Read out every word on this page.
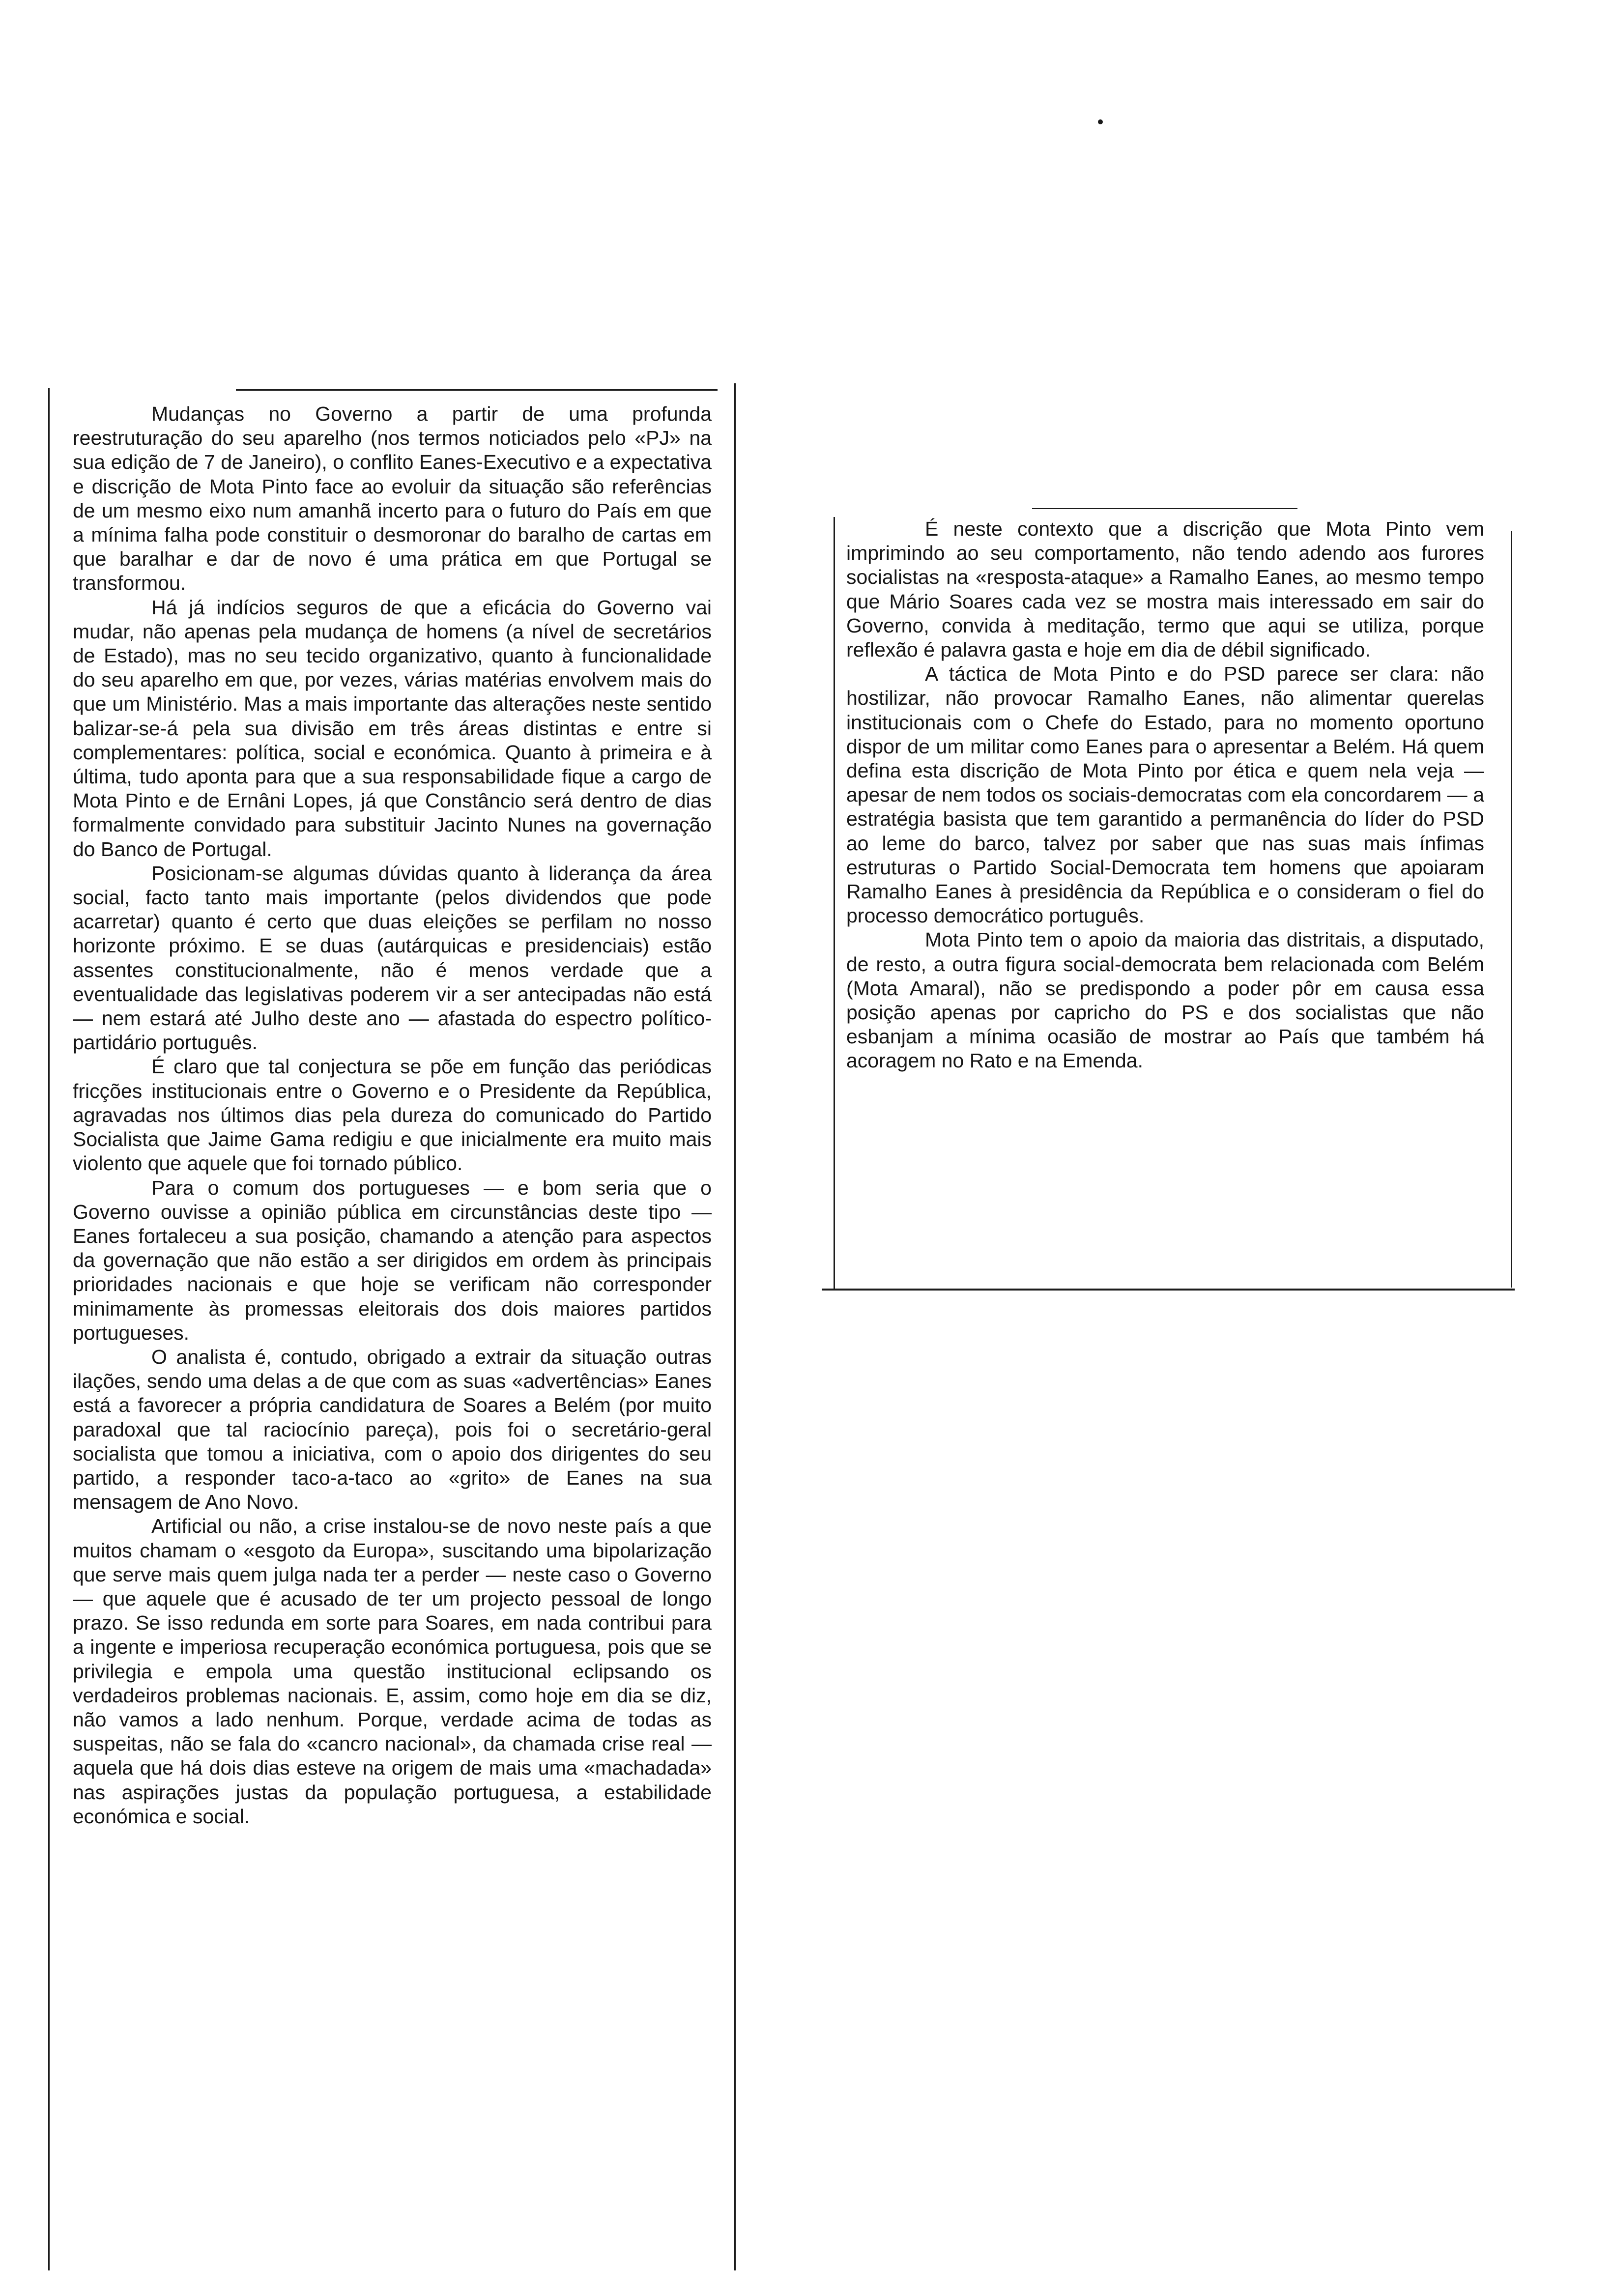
Mudanças no Governo a partir de uma profunda reestruturação do seu aparelho (nos termos noticiados pelo «PJ» na sua edição de 7 de Janeiro), o conflito Eanes-Executivo e a expectativa e discrição de Mota Pinto face ao evoluir da situação são referências de um mesmo eixo num amanhã incerto para o futuro do País em que a mínima falha pode constituir o desmoronar do baralho de cartas em que baralhar e dar de novo é uma prática em que Portugal se transformou.

Há já indícios seguros de que a eficácia do Governo vai mudar, não apenas pela mudança de homens (a nível de secretários de Estado), mas no seu tecido organizativo, quanto à funcionalidade do seu aparelho em que, por vezes, várias matérias envolvem mais do que um Ministério. Mas a mais importante das alterações neste sentido balizar-se-á pela sua divisão em três áreas distintas e entre si complementares: política, social e económica. Quanto à primeira e à última, tudo aponta para que a sua responsabilidade fique a cargo de Mota Pinto e de Ernâni Lopes, já que Constâncio será dentro de dias formalmente convidado para substituir Jacinto Nunes na governação do Banco de Portugal.

Posicionam-se algumas dúvidas quanto à liderança da área social, facto tanto mais importante (pelos dividendos que pode acarretar) quanto é certo que duas eleições se perfilam no nosso horizonte próximo. E se duas (autárquicas e presidenciais) estão assentes constitucionalmente, não é menos verdade que a eventualidade das legislativas poderem vir a ser antecipadas não está — nem estará até Julho deste ano — afastada do espectro político-partidário português.

É claro que tal conjectura se põe em função das periódicas fricções institucionais entre o Governo e o Presidente da República, agravadas nos últimos dias pela dureza do comunicado do Partido Socialista que Jaime Gama redigiu e que inicialmente era muito mais violento que aquele que foi tornado público.

Para o comum dos portugueses — e bom seria que o Governo ouvisse a opinião pública em circunstâncias deste tipo — Eanes fortaleceu a sua posição, chamando a atenção para aspectos da governação que não estão a ser dirigidos em ordem às principais prioridades nacionais e que hoje se verificam não corresponder minimamente às promessas eleitorais dos dois maiores partidos portugueses.

O analista é, contudo, obrigado a extrair da situação outras ilações, sendo uma delas a de que com as suas «advertências» Eanes está a favorecer a própria candidatura de Soares a Belém (por muito paradoxal que tal raciocínio pareça), pois foi o secretário-geral socialista que tomou a iniciativa, com o apoio dos dirigentes do seu partido, a responder taco-a-taco ao «grito» de Eanes na sua mensagem de Ano Novo.

Artificial ou não, a crise instalou-se de novo neste país a que muitos chamam o «esgoto da Europa», suscitando uma bipolarização que serve mais quem julga nada ter a perder — neste caso o Governo — que aquele que é acusado de ter um projecto pessoal de longo prazo. Se isso redunda em sorte para Soares, em nada contribui para a ingente e imperiosa recuperação económica portuguesa, pois que se privilegia e empola uma questão institucional eclipsando os verdadeiros problemas nacionais. E, assim, como hoje em dia se diz, não vamos a lado nenhum. Porque, verdade acima de todas as suspeitas, não se fala do «cancro nacional», da chamada crise real — aquela que há dois dias esteve na origem de mais uma «machadada» nas aspirações justas da população portuguesa, a estabilidade económica e social.

É neste contexto que a discrição que Mota Pinto vem imprimindo ao seu comportamento, não tendo adendo aos furores socialistas na «resposta-ataque» a Ramalho Eanes, ao mesmo tempo que Mário Soares cada vez se mostra mais interessado em sair do Governo, convida à meditação, termo que aqui se utiliza, porque reflexão é palavra gasta e hoje em dia de débil significado.

A táctica de Mota Pinto e do PSD parece ser clara: não hostilizar, não provocar Ramalho Eanes, não alimentar querelas institucionais com o Chefe do Estado, para no momento oportuno dispor de um militar como Eanes para o apresentar a Belém. Há quem defina esta discrição de Mota Pinto por ética e quem nela veja — apesar de nem todos os sociais-democratas com ela concordarem — a estratégia basista que tem garantido a permanência do líder do PSD ao leme do barco, talvez por saber que nas suas mais ínfimas estruturas o Partido Social-Democrata tem homens que apoiaram Ramalho Eanes à presidência da República e o consideram o fiel do processo democrático português.

Mota Pinto tem o apoio da maioria das distritais, a disputado, de resto, a outra figura social-democrata bem relacionada com Belém (Mota Amaral), não se predispondo a poder pôr em causa essa posição apenas por capricho do PS e dos socialistas que não esbanjam a mínima ocasião de mostrar ao País que também há acoragem no Rato e na Emenda.
